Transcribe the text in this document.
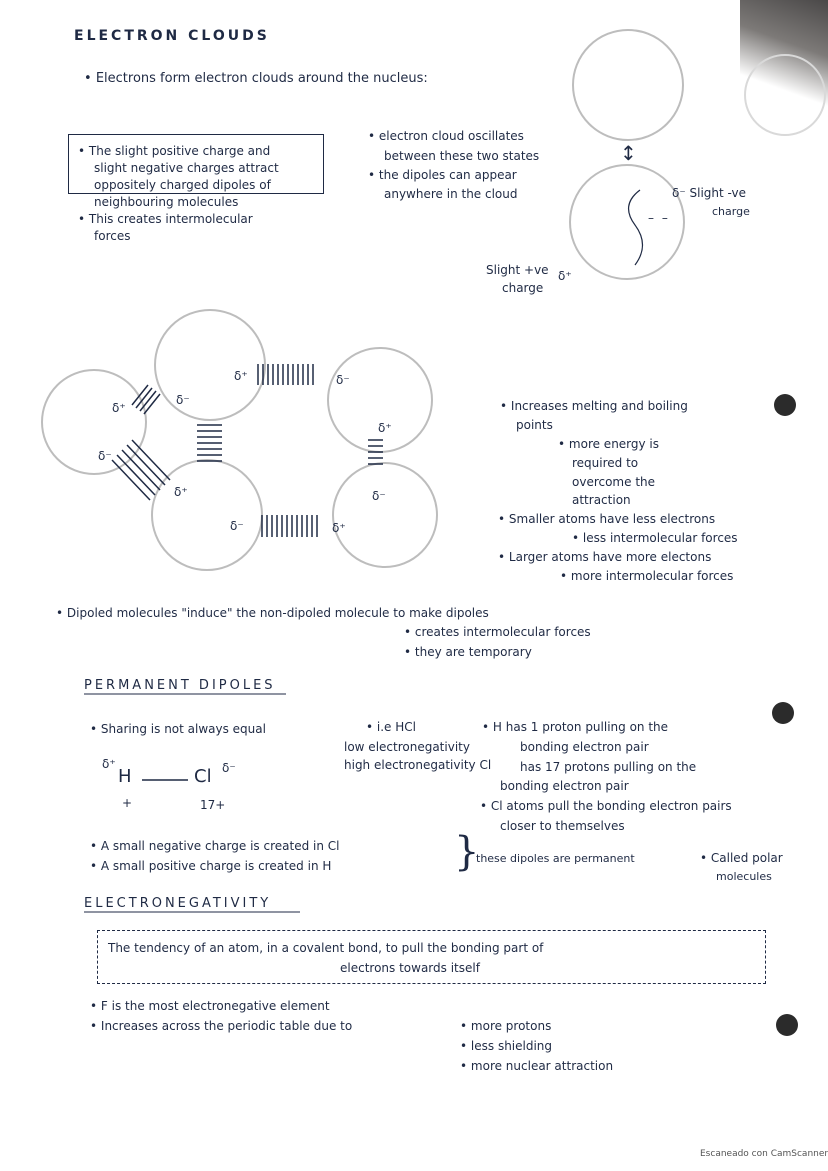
ELECTRON CLOUDS
• Electrons form electron clouds around the nucleus:
• The slight positive charge and
slight negative charges attract
oppositely charged dipoles of
neighbouring molecules
• This creates intermolecular
forces
• electron cloud oscillates
between these two states
• the dipoles can appear
anywhere in the cloud
↕
δ⁻ Slight -ve
charge
Slight +ve
charge
δ⁺
– –
δ⁺	δ⁻
δ⁺
δ⁻
δ⁺
δ⁻
δ⁺	δ⁻
δ⁻	δ⁺
• Increases melting and boiling
points
• more energy is
required to
overcome the
attraction
• Smaller atoms have less electrons
• less intermolecular forces
• Larger atoms have more electons
• more intermolecular forces
• Dipoled molecules "induce" the non-dipoled molecule to make dipoles
• creates intermolecular forces
• they are temporary
PERMANENT DIPOLES
• Sharing is not always equal	• i.e HCl
low electronegativity
high electronegativity Cl
• H has 1 proton pulling on the
bonding electron pair
has 17 protons pulling on the
bonding electron pair
• Cl atoms pull the bonding electron pairs
closer to themselves
δ⁺
H	Cl δ⁻
+	17+
• A small negative charge is created in Cl
• A small positive charge is created in H	}
these dipoles are permanent	• Called polar
molecules
ELECTRONEGATIVITY
The tendency of an atom, in a covalent bond, to pull the bonding part of
electrons towards itself
• F is the most electronegative element
• Increases across the periodic table due to	• more protons
• less shielding
• more nuclear attraction
Escaneado con CamScanner
